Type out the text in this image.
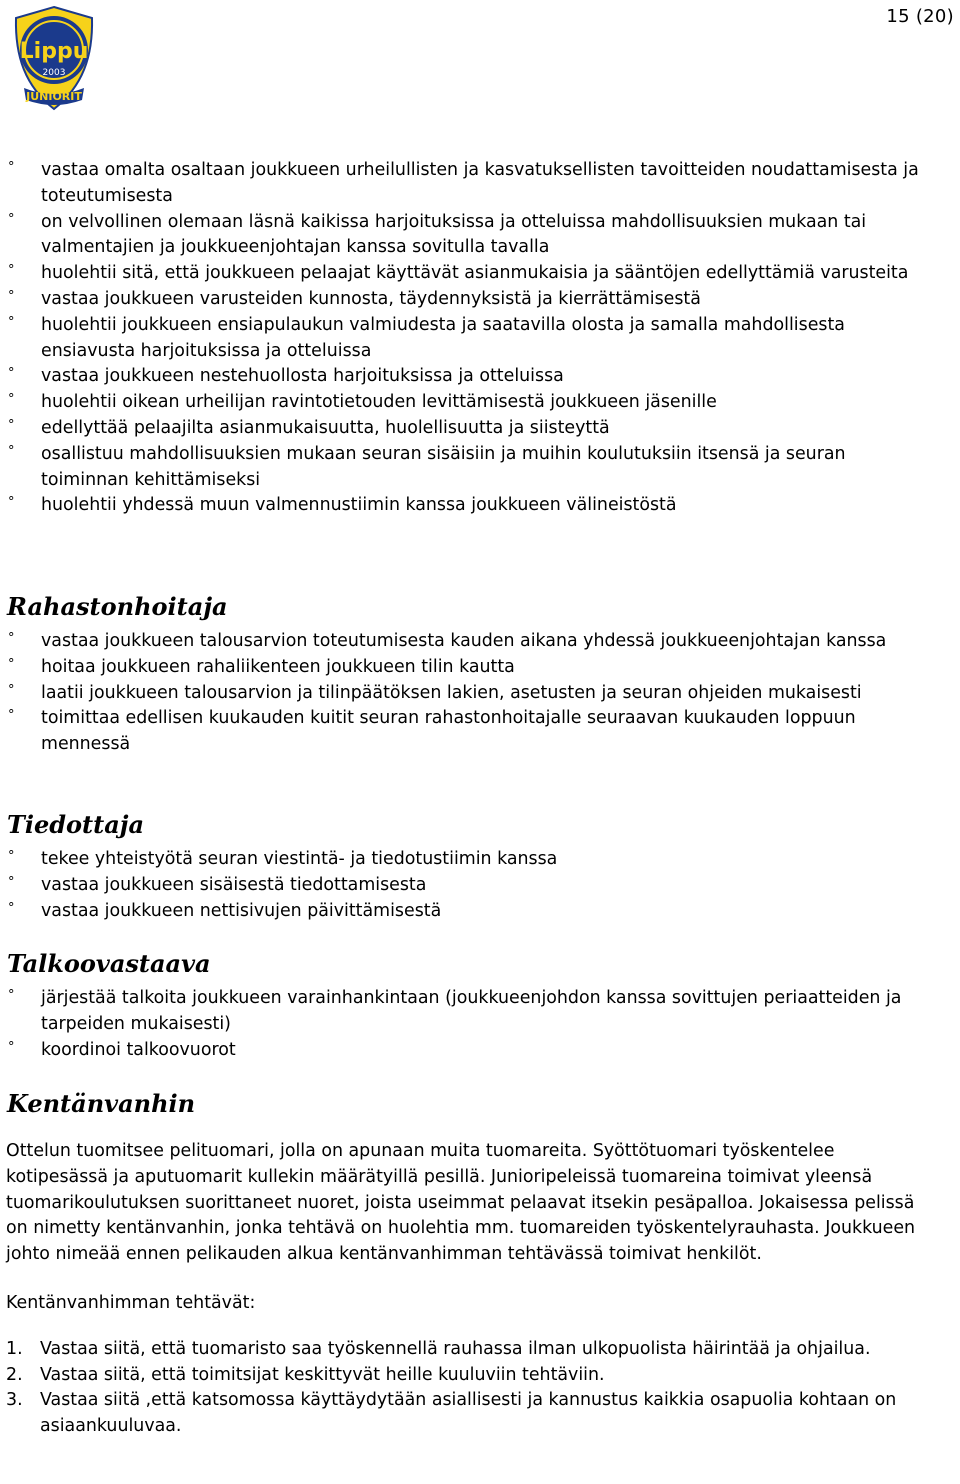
15 (20)
Lippu
2003
JUNIORIT
° vastaa omalta osaltaan joukkueen urheilullisten ja kasvatuksellisten tavoitteiden noudattamisesta ja toteutumisesta
° on velvollinen olemaan läsnä kaikissa harjoituksissa ja otteluissa mahdollisuuksien mukaan tai valmentajien ja joukkueenjohtajan kanssa sovitulla tavalla
° huolehtii sitä, että joukkueen pelaajat käyttävät asianmukaisia ja sääntöjen edellyttämiä varusteita
° vastaa joukkueen varusteiden kunnosta, täydennyksistä ja kierrättämisestä
° huolehtii joukkueen ensiapulaukun valmiudesta ja saatavilla olosta ja samalla mahdollisesta ensiavusta harjoituksissa ja otteluissa
° vastaa joukkueen nestehuollosta harjoituksissa ja otteluissa
° huolehtii oikean urheilijan ravintotietouden levittämisestä joukkueen jäsenille
° edellyttää pelaajilta asianmukaisuutta, huolellisuutta ja siisteyttä
° osallistuu mahdollisuuksien mukaan seuran sisäisiin ja muihin koulutuksiin itsensä ja seuran toiminnan kehittämiseksi
° huolehtii yhdessä muun valmennustiimin kanssa joukkueen välineistöstä
Rahastonhoitaja
° vastaa joukkueen talousarvion toteutumisesta kauden aikana yhdessä joukkueenjohtajan kanssa
° hoitaa joukkueen rahaliikenteen joukkueen tilin kautta
° laatii joukkueen talousarvion ja tilinpäätöksen lakien, asetusten ja seuran ohjeiden mukaisesti
° toimittaa edellisen kuukauden kuitit seuran rahastonhoitajalle seuraavan kuukauden loppuun mennessä
Tiedottaja
° tekee yhteistyötä seuran viestintä- ja tiedotustiimin kanssa
° vastaa joukkueen sisäisestä tiedottamisesta
° vastaa joukkueen nettisivujen päivittämisestä
Talkoovastaava
° järjestää talkoita joukkueen varainhankintaan (joukkueenjohdon kanssa sovittujen periaatteiden ja tarpeiden mukaisesti)
° koordinoi talkoovuorot
Kentänvanhin
Ottelun tuomitsee pelituomari, jolla on apunaan muita tuomareita. Syöttötuomari työskentelee kotipesässä ja aputuomarit kullekin määrätyillä pesillä. Junioripeleissä tuomareina toimivat yleensä tuomarikoulutuksen suorittaneet nuoret, joista useimmat pelaavat itsekin pesäpalloa. Jokaisessa pelissä on nimetty kentänvanhin, jonka tehtävä on huolehtia mm. tuomareiden työskentelyrauhasta. Joukkueen johto nimeää ennen pelikauden alkua kentänvanhimman tehtävässä toimivat henkilöt.
Kentänvanhimman tehtävät:
1. Vastaa siitä, että tuomaristo saa työskennellä rauhassa ilman ulkopuolista häirintää ja ohjailua.
2. Vastaa siitä, että toimitsijat keskittyvät heille kuuluviin tehtäviin.
3. Vastaa siitä ,että katsomossa käyttäydytään asiallisesti ja kannustus kaikkia osapuolia kohtaan on asiaankuuluvaa.
